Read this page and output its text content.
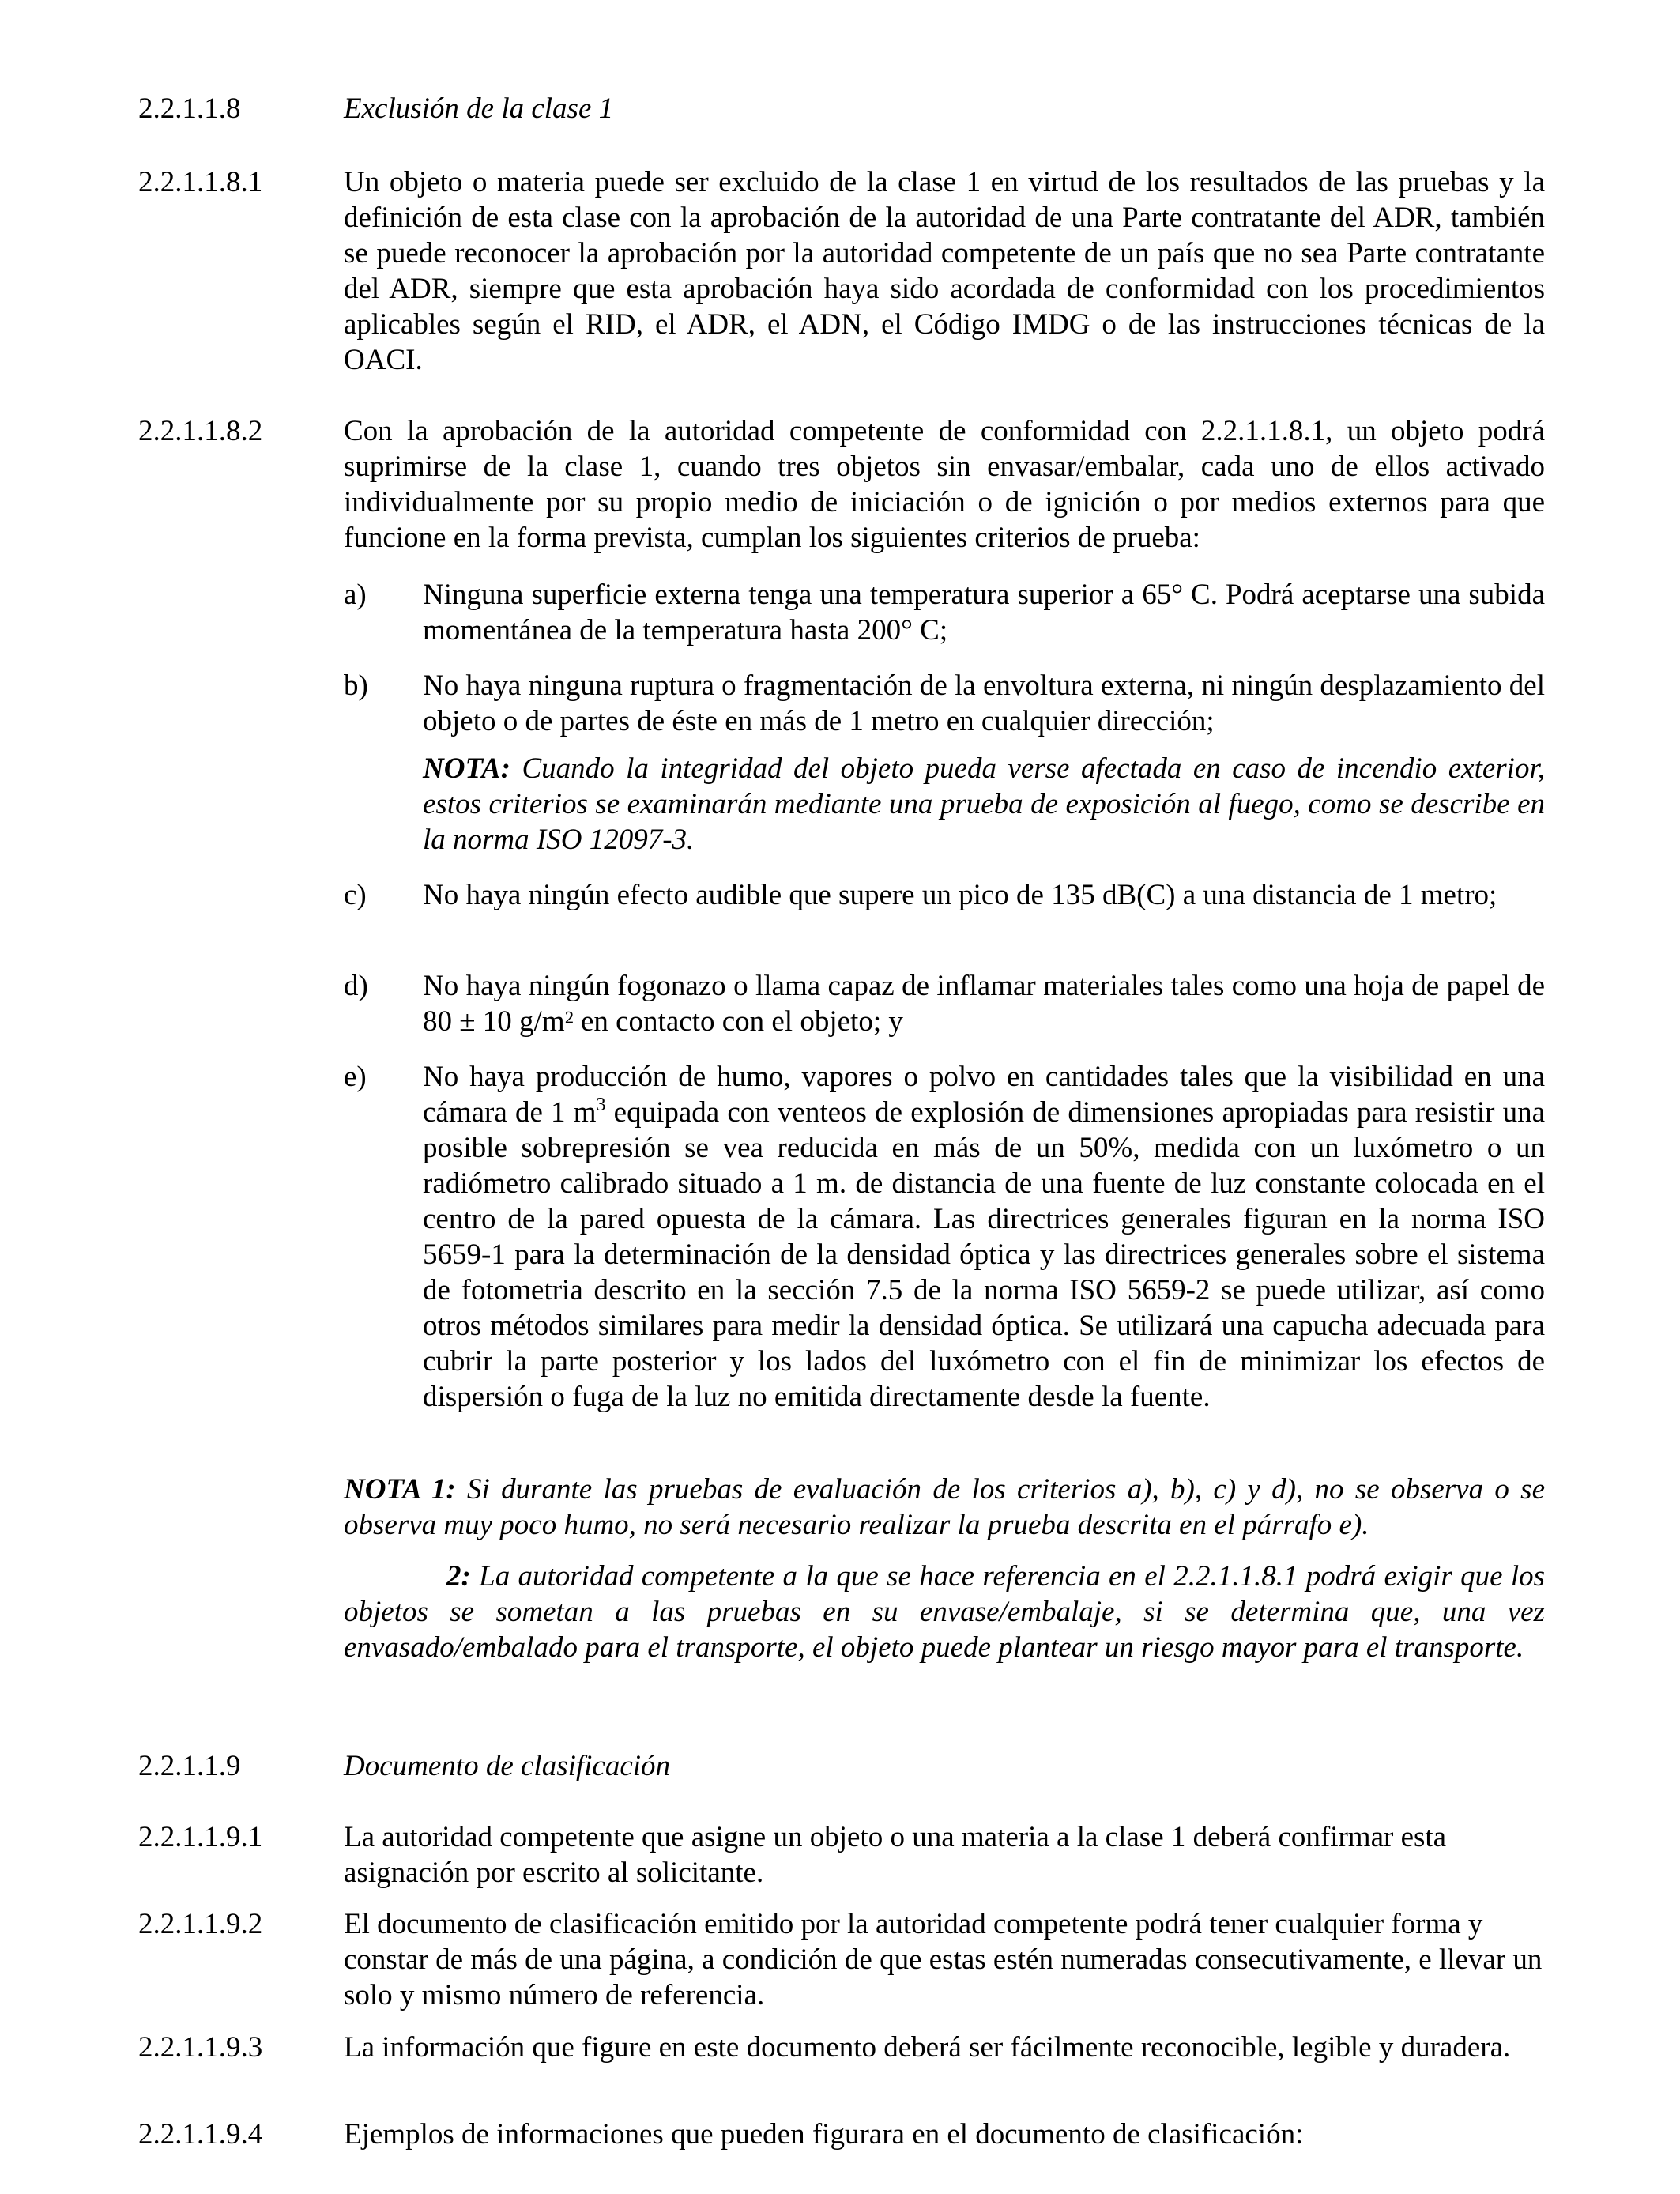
2.2.1.1.8	Exclusión de la clase 1
2.2.1.1.8.1	Un objeto o materia puede ser excluido de la clase 1 en virtud de los resultados de las pruebas y la definición de esta clase con la aprobación de la autoridad de una Parte contratante del ADR, también se puede reconocer la aprobación por la autoridad competente de un país que no sea Parte contratante del ADR, siempre que esta aprobación haya sido acordada de conformidad con los procedimientos aplicables según el RID, el ADR, el ADN, el Código IMDG o de las instrucciones técnicas de la OACI.
2.2.1.1.8.2	Con la aprobación de la autoridad competente de conformidad con 2.2.1.1.8.1, un objeto podrá suprimirse de la clase 1, cuando tres objetos sin envasar/embalar, cada uno de ellos activado individualmente por su propio medio de iniciación o de ignición o por medios externos para que funcione en la forma prevista, cumplan los siguientes criterios de prueba:
a)	Ninguna superficie externa tenga una temperatura superior a 65° C. Podrá aceptarse una subida momentánea de la temperatura hasta 200° C;
b)	No haya ninguna ruptura o fragmentación de la envoltura externa, ni ningún desplazamiento del objeto o de partes de éste en más de 1 metro en cualquier dirección;
NOTA: Cuando la integridad del objeto pueda verse afectada en caso de incendio exterior, estos criterios se examinarán mediante una prueba de exposición al fuego, como se describe en la norma ISO 12097-3.
c)	No haya ningún efecto audible que supere un pico de 135 dB(C) a una distancia de 1 metro;
d)	No haya ningún fogonazo o llama capaz de inflamar materiales tales como una hoja de papel de 80 ± 10 g/m² en contacto con el objeto; y
e)	No haya producción de humo, vapores o polvo en cantidades tales que la visibilidad en una cámara de 1 $m^3$ equipada con venteos de explosión de dimensiones apropiadas para resistir una posible sobrepresión se vea reducida en más de un 50%, medida con un luxómetro o un radiómetro calibrado situado a 1 m. de distancia de una fuente de luz constante colocada en el centro de la pared opuesta de la cámara. Las directrices generales figuran en la norma ISO 5659-1 para la determinación de la densidad óptica y las directrices generales sobre el sistema de fotometria descrito en la sección 7.5 de la norma ISO 5659-2 se puede utilizar, así como otros métodos similares para medir la densidad óptica. Se utilizará una capucha adecuada para cubrir la parte posterior y los lados del luxómetro con el fin de minimizar los efectos de dispersión o fuga de la luz no emitida directamente desde la fuente.
NOTA 1: Si durante las pruebas de evaluación de los criterios a), b), c) y d), no se observa o se observa muy poco humo, no será necesario realizar la prueba descrita en el párrafo e).
2: La autoridad competente a la que se hace referencia en el 2.2.1.1.8.1 podrá exigir que los objetos se sometan a las pruebas en su envase/embalaje, si se determina que, una vez envasado/embalado para el transporte, el objeto puede plantear un riesgo mayor para el transporte.
2.2.1.1.9	Documento de clasificación
2.2.1.1.9.1	La autoridad competente que asigne un objeto o una materia a la clase 1 deberá confirmar esta asignación por escrito al solicitante.
2.2.1.1.9.2	El documento de clasificación emitido por la autoridad competente podrá tener cualquier forma y constar de más de una página, a condición de que estas estén numeradas consecutivamente, e llevar un solo y mismo número de referencia.
2.2.1.1.9.3	La información que figure en este documento deberá ser fácilmente reconocible, legible y duradera.
2.2.1.1.9.4	Ejemplos de informaciones que pueden figurara en el documento de clasificación:
